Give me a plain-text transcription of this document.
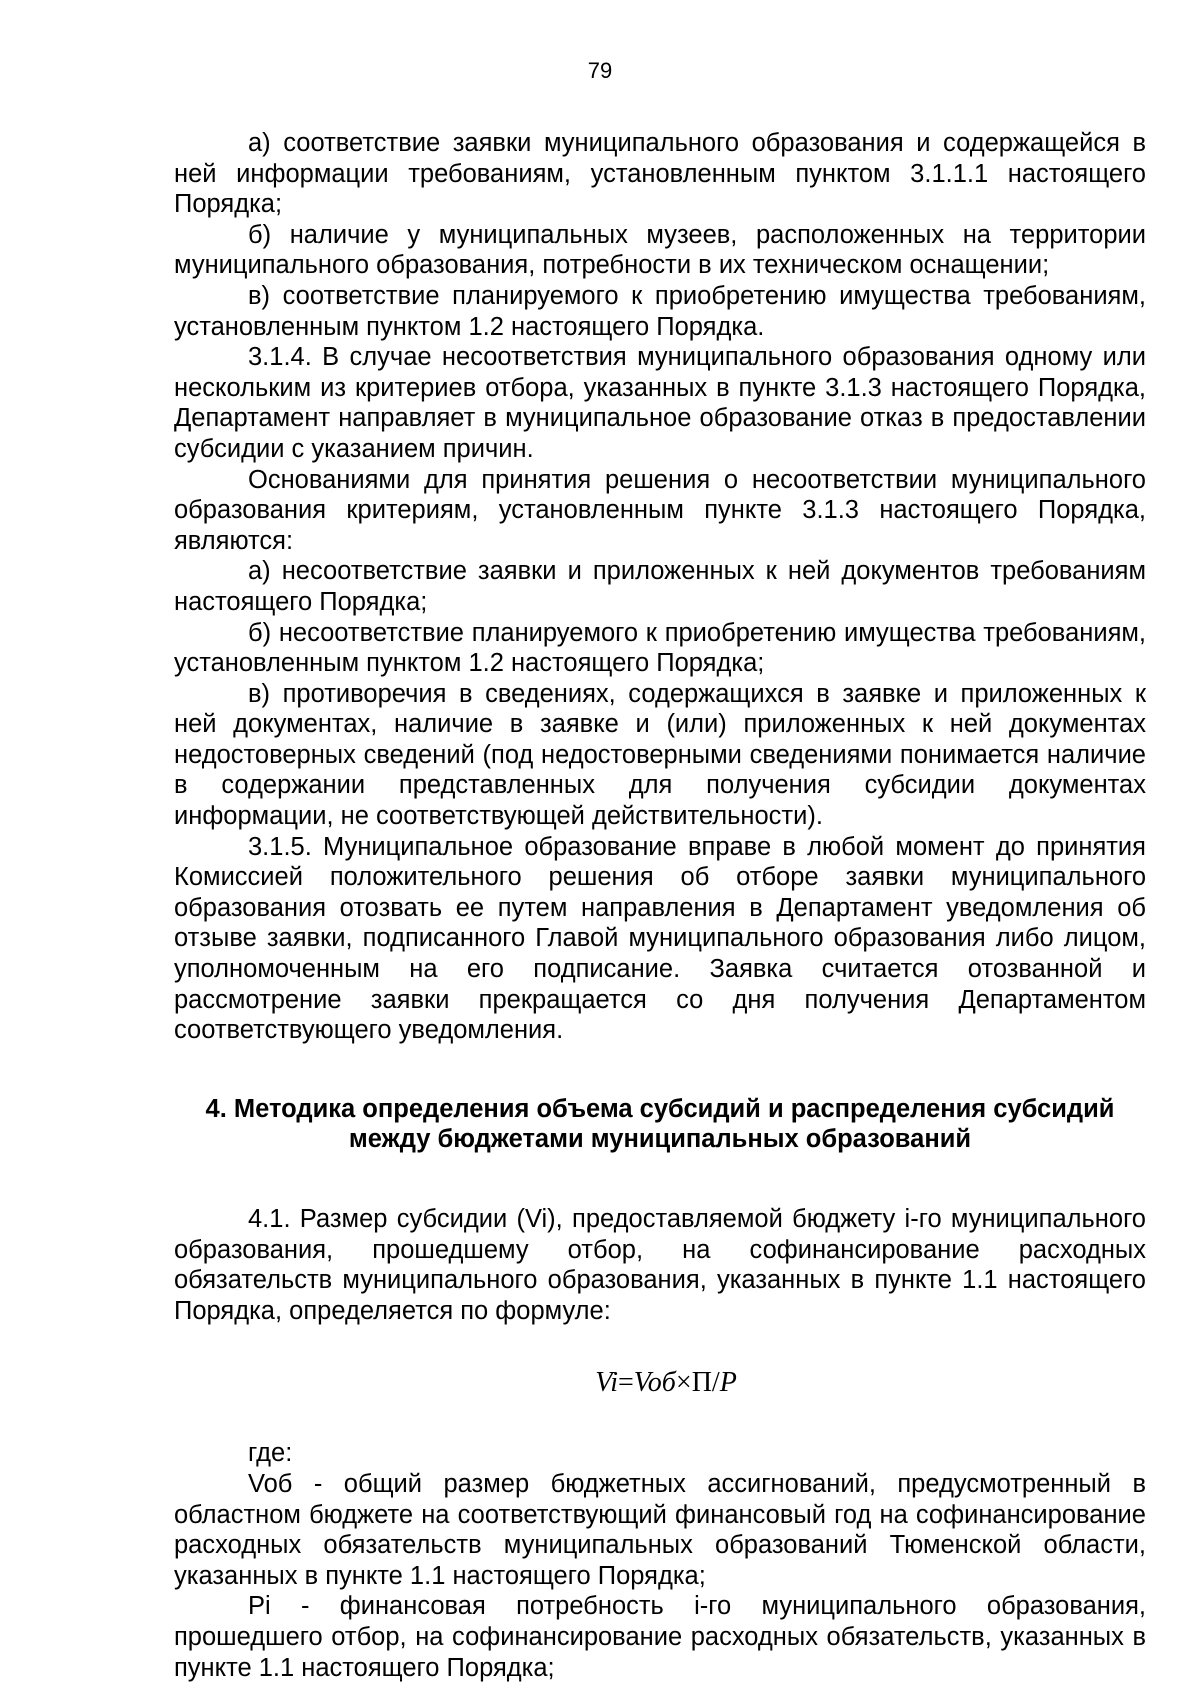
79

а) соответствие заявки муниципального образования и содержащейся в ней информации требованиям, установленным пунктом 3.1.1.1 настоящего Порядка;

б) наличие у муниципальных музеев, расположенных на территории муниципального образования, потребности в их техническом оснащении;

в) соответствие планируемого к приобретению имущества требованиям, установленным пунктом 1.2 настоящего Порядка.

3.1.4. В случае несоответствия муниципального образования одному или нескольким из критериев отбора, указанных в пункте 3.1.3 настоящего Порядка, Департамент направляет в муниципальное образование отказ в предоставлении субсидии с указанием причин.

Основаниями для принятия решения о несоответствии муниципального образования критериям, установленным пункте 3.1.3 настоящего Порядка, являются:

а) несоответствие заявки и приложенных к ней документов требованиям настоящего Порядка;

б) несоответствие планируемого к приобретению имущества требованиям, установленным пунктом 1.2 настоящего Порядка;

в) противоречия в сведениях, содержащихся в заявке и приложенных к ней документах, наличие в заявке и (или) приложенных к ней документах недостоверных сведений (под недостоверными сведениями понимается наличие в содержании представленных для получения субсидии документах информации, не соответствующей действительности).

3.1.5. Муниципальное образование вправе в любой момент до принятия Комиссией положительного решения об отборе заявки муниципального образования отозвать ее путем направления в Департамент уведомления об отзыве заявки, подписанного Главой муниципального образования либо лицом, уполномоченным на его подписание. Заявка считается отозванной и рассмотрение заявки прекращается со дня получения Департаментом соответствующего уведомления.

4. Методика определения объема субсидий и распределения субсидий
между бюджетами муниципальных образований

4.1. Размер субсидии (Vi), предоставляемой бюджету i-го муниципального образования, прошедшему отбор, на софинансирование расходных обязательств муниципального образования, указанных в пункте 1.1 настоящего Порядка, определяется по формуле:

Vi=Voб×П/P

где:

Voб - общий размер бюджетных ассигнований, предусмотренный в областном бюджете на соответствующий финансовый год на софинансирование расходных обязательств муниципальных образований Тюменской области, указанных в пункте 1.1 настоящего Порядка;

Pi - финансовая потребность i-го муниципального образования, прошедшего отбор, на софинансирование расходных обязательств, указанных в пункте 1.1 настоящего Порядка;
